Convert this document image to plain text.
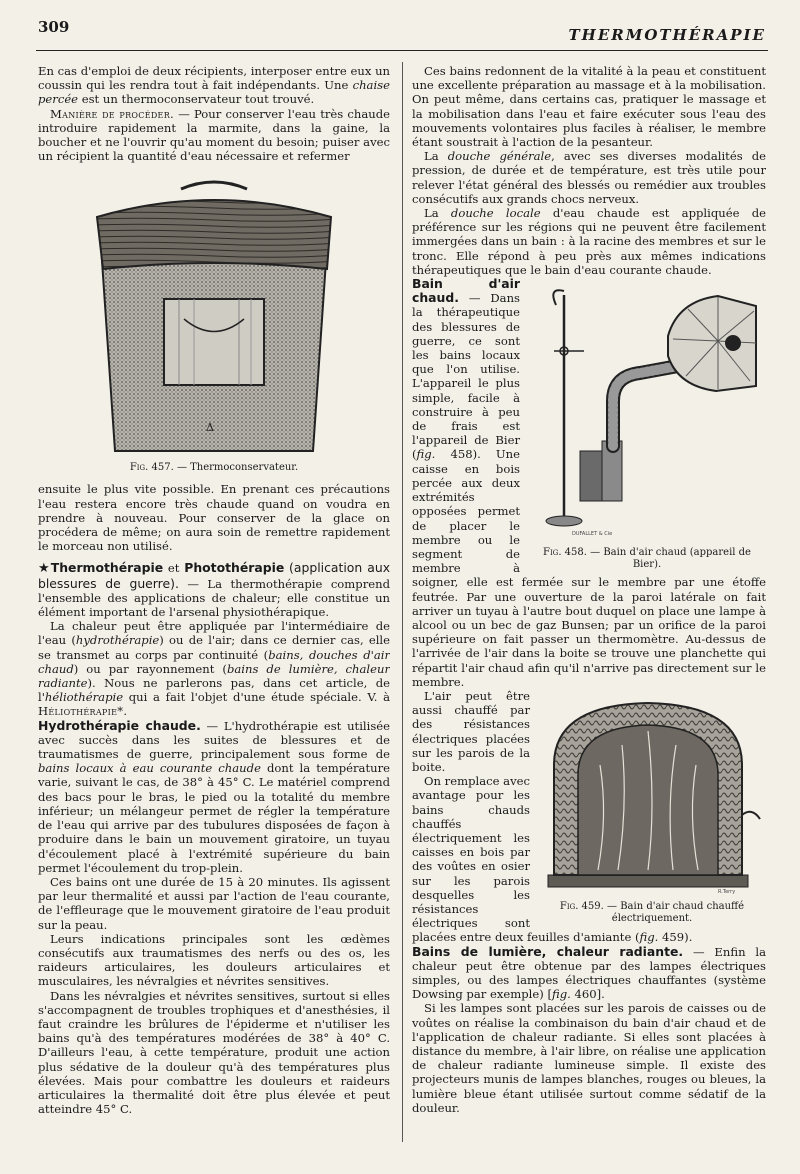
309	THERMOTHÉRAPIE

En cas d'emploi de deux récipients, interposer entre eux un coussin qui les rendra tout à fait indépendants. Une chaise percée est un thermoconservateur tout trouvé.

Manière de procéder. — Pour conserver l'eau très chaude introduire rapidement la marmite, dans la gaine, la boucher et ne l'ouvrir qu'au moment du besoin; puiser avec un récipient la quantité d'eau nécessaire et refermer

Δ
Fig. 457. — Thermoconservateur.

ensuite le plus vite possible. En prenant ces précautions l'eau restera encore très chaude quand on voudra en prendre à nouveau. Pour conserver de la glace on procédera de même; on aura soin de remettre rapidement le morceau non utilisé.

★Thermothérapie et Photothérapie (application aux blessures de guerre). — La thermothérapie comprend l'ensemble des applications de chaleur; elle constitue un élément important de l'arsenal physiothérapique.

La chaleur peut être appliquée par l'intermédiaire de l'eau (hydrothérapie) ou de l'air; dans ce dernier cas, elle se transmet au corps par continuité (bains, douches d'air chaud) ou par rayonnement (bains de lumière, chaleur radiante). Nous ne parlerons pas, dans cet article, de l'héliothérapie qui a fait l'objet d'une étude spéciale. V. à Héliothérapie*.

Hydrothérapie chaude. — L'hydrothérapie est utilisée avec succès dans les suites de blessures et de traumatismes de guerre, principalement sous forme de bains locaux à eau courante chaude dont la température varie, suivant le cas, de 38° à 45° C. Le matériel comprend des bacs pour le bras, le pied ou la totalité du membre inférieur; un mélangeur permet de régler la température de l'eau qui arrive par des tubulures disposées de façon à produire dans le bain un mouvement giratoire, un tuyau d'écoulement placé à l'extrémité supérieure du bain permet l'écoulement du trop-plein.

Ces bains ont une durée de 15 à 20 minutes. Ils agissent par leur thermalité et aussi par l'action de l'eau courante, de l'effleurage que le mouvement giratoire de l'eau produit sur la peau.

Leurs indications principales sont les œdèmes consécutifs aux traumatismes des nerfs ou des os, les raideurs articulaires, les douleurs articulaires et musculaires, les névralgies et névrites sensitives.

Dans les névralgies et névrites sensitives, surtout si elles s'accompagnent de troubles trophiques et d'anesthésies, il faut craindre les brûlures de l'épiderme et n'utiliser les bains qu'à des températures modérées de 38° à 40° C. D'ailleurs l'eau, à cette température, produit une action plus sédative de la douleur qu'à des températures plus élevées. Mais pour combattre les douleurs et raideurs articulaires la thermalité doit être plus élevée et peut atteindre 45° C.

Ces bains redonnent de la vitalité à la peau et constituent une excellente préparation au massage et à la mobilisation. On peut même, dans certains cas, pratiquer le massage et la mobilisation dans l'eau et faire exécuter sous l'eau des mouvements volontaires plus faciles à réaliser, le membre étant soustrait à l'action de la pesanteur.

La douche générale, avec ses diverses modalités de pression, de durée et de température, est très utile pour relever l'état général des blessés ou remédier aux troubles consécutifs aux grands chocs nerveux.

La douche locale d'eau chaude est appliquée de préférence sur les régions qui ne peuvent être facilement immergées dans un bain : à la racine des membres et sur le tronc. Elle répond à peu près aux mêmes indications thérapeutiques que le bain d'eau courante chaude.

DUFALLET & Cie
Fig. 458. — Bain d'air chaud (appareil de Bier).

Bain d'air chaud. — Dans la thérapeutique des blessures de guerre, ce sont les bains locaux que l'on utilise. L'appareil le plus simple, facile à construire à peu de frais est l'appareil de Bier (fig. 458). Une caisse en bois percée aux deux extrémités opposées permet de placer le membre ou le segment de membre à soigner, elle est fermée sur le membre par une étoffe feutrée. Par une ouverture de la paroi latérale on fait arriver un tuyau à l'autre bout duquel on place une lampe à alcool ou un bec de gaz Bunsen; par un orifice de la paroi supérieure on fait passer un thermomètre. Au-dessus de l'arrivée de l'air dans la boite se trouve une planchette qui répartit l'air chaud afin qu'il n'arrive pas directement sur le membre.

R.Terry
Fig. 459. — Bain d'air chaud chauffé électriquement.

L'air peut être aussi chauffé par des résistances électriques placées sur les parois de la boite.

On remplace avec avantage pour les bains chauds chauffés électriquement les caisses en bois par des voûtes en osier sur les parois desquelles les résistances électriques sont placées entre deux feuilles d'amiante (fig. 459).

Bains de lumière, chaleur radiante. — Enfin la chaleur peut être obtenue par des lampes électriques simples, ou des lampes électriques chauffantes (système Dowsing par exemple) [fig. 460].

Si les lampes sont placées sur les parois de caisses ou de voûtes on réalise la combinaison du bain d'air chaud et de l'application de chaleur radiante. Si elles sont placées à distance du membre, à l'air libre, on réalise une application de chaleur radiante lumineuse simple. Il existe des projecteurs munis de lampes blanches, rouges ou bleues, la lumière bleue étant utilisée surtout comme sédatif de la douleur.
